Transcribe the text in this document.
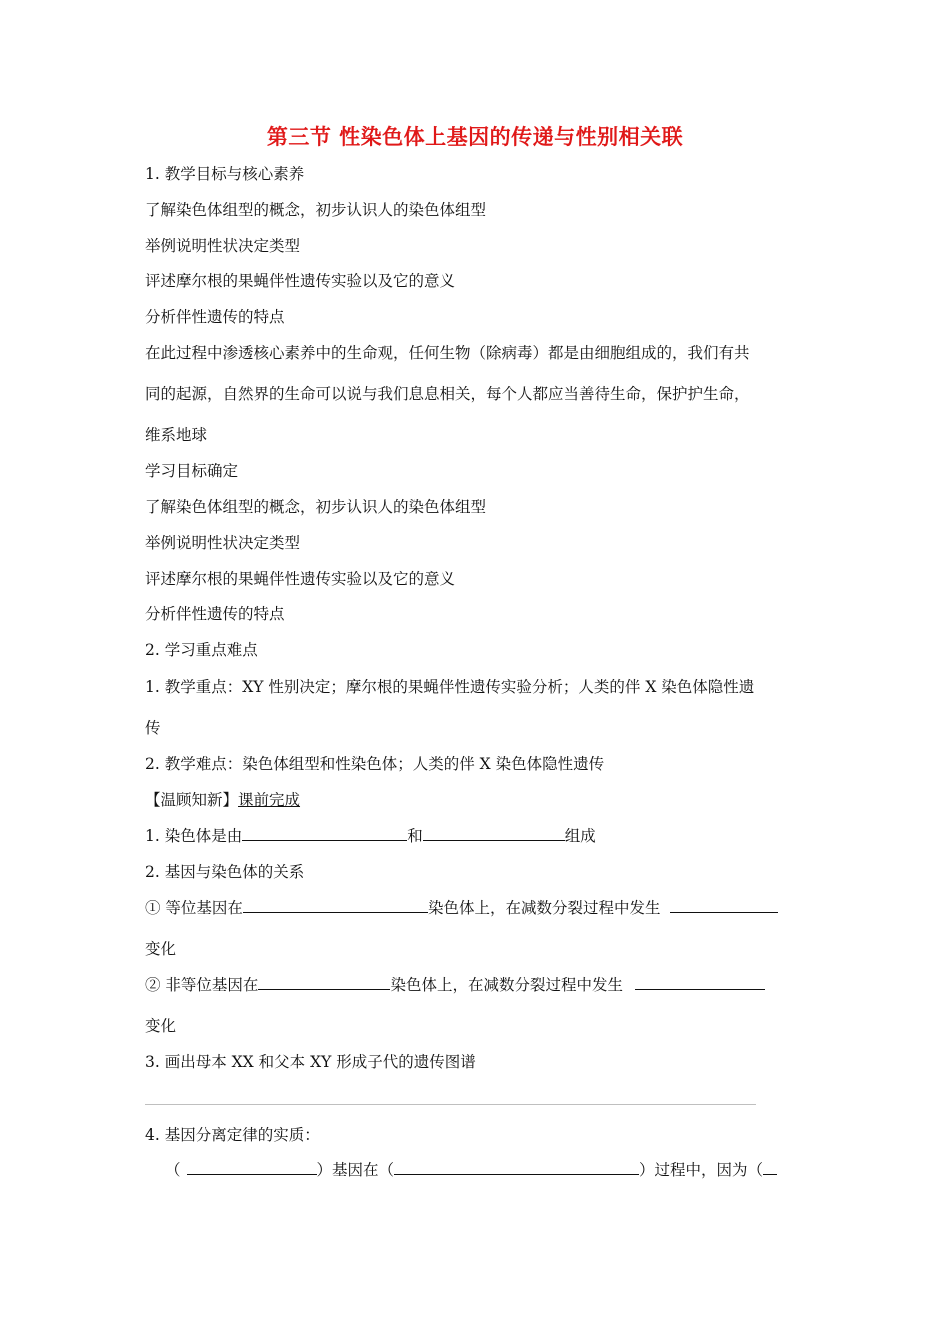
第三节 性染色体上基因的传递与性别相关联
1. 教学目标与核心素养
了解染色体组型的概念，初步认识人的染色体组型
举例说明性状决定类型
评述摩尔根的果蝇伴性遗传实验以及它的意义
分析伴性遗传的特点
在此过程中渗透核心素养中的生命观，任何生物（除病毒）都是由细胞组成的，我们有共
同的起源，自然界的生命可以说与我们息息相关，每个人都应当善待生命，保护护生命，
维系地球
学习目标确定
了解染色体组型的概念，初步认识人的染色体组型
举例说明性状决定类型
评述摩尔根的果蝇伴性遗传实验以及它的意义
分析伴性遗传的特点
2. 学习重点难点
1. 教学重点：XY 性别决定；摩尔根的果蝇伴性遗传实验分析；人类的伴 X 染色体隐性遗
传
2. 教学难点：染色体组型和性染色体；人类的伴 X 染色体隐性遗传
【温顾知新】课前完成
1. 染色体是由	和	组成
2. 基因与染色体的关系
① 等位基因在	染色体上，在减数分裂过程中发生
变化
② 非等位基因在	染色体上，在减数分裂过程中发生
变化
3. 画出母本 XX 和父本 XY 形成子代的遗传图谱
4. 基因分离定律的实质：
（	）基因在（	）过程中，因为（
